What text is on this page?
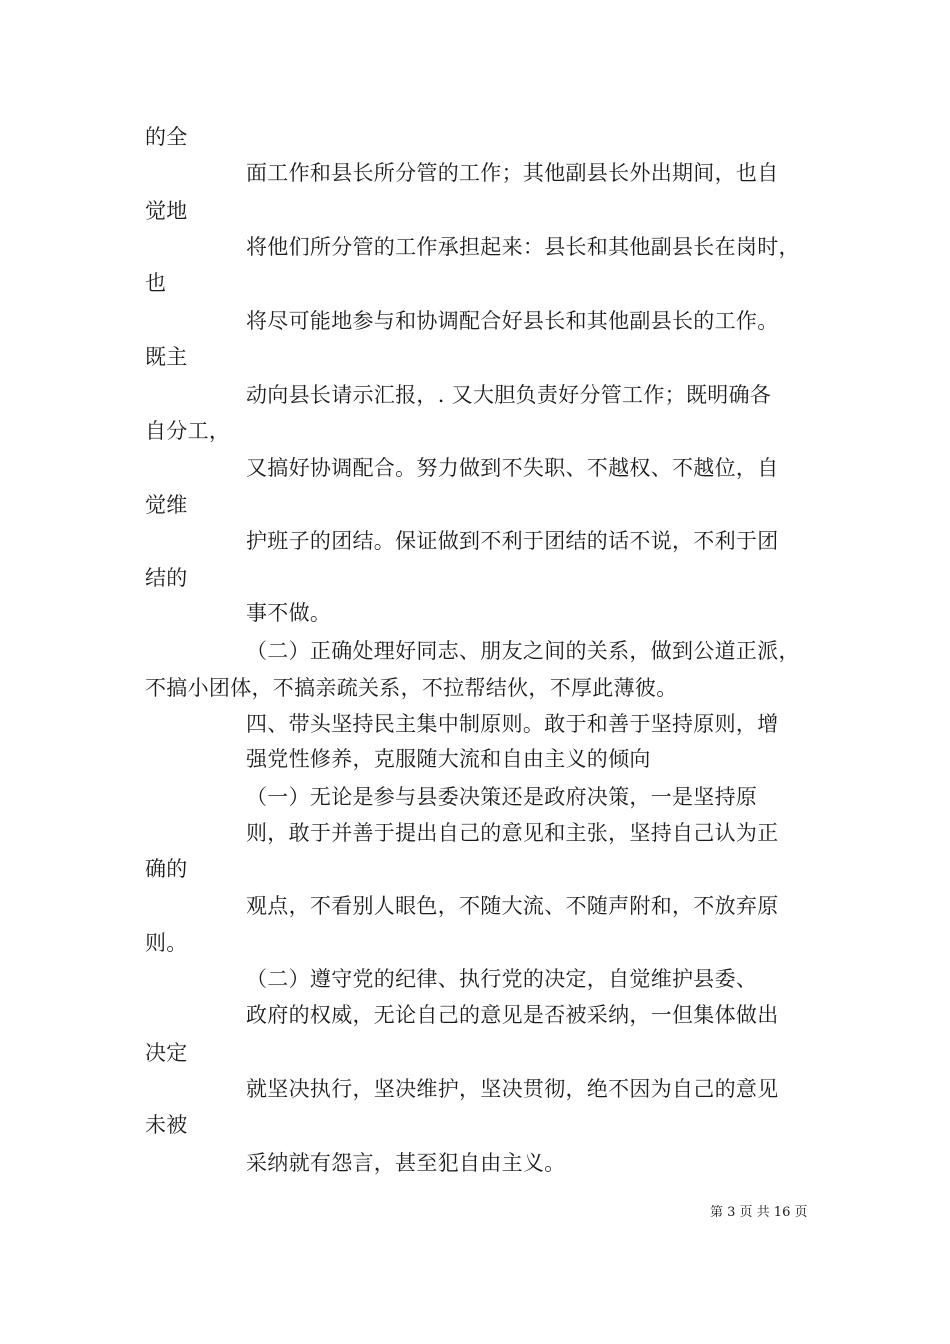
的全
面工作和县长所分管的工作；其他副县长外出期间，也自
觉地
将他们所分管的工作承担起来：县长和其他副县长在岗时，
也
将尽可能地参与和协调配合好县长和其他副县长的工作。
既主
动向县长请示汇报，. 又大胆负责好分管工作；既明确各
自分工，
又搞好协调配合。努力做到不失职、不越权、不越位，自
觉维
护班子的团结。保证做到不利于团结的话不说，不利于团
结的
事不做。
（二）正确处理好同志、朋友之间的关系，做到公道正派，
不搞小团体，不搞亲疏关系，不拉帮结伙，不厚此薄彼。
四、带头坚持民主集中制原则。敢于和善于坚持原则，增
强党性修养，克服随大流和自由主义的倾向
（一）无论是参与县委决策还是政府决策，一是坚持原
则，敢于并善于提出自己的意见和主张，坚持自己认为正
确的
观点，不看别人眼色，不随大流、不随声附和，不放弃原
则。
（二）遵守党的纪律、执行党的决定，自觉维护县委、
政府的权威，无论自己的意见是否被采纳，一但集体做出
决定
就坚决执行，坚决维护，坚决贯彻，绝不因为自己的意见
未被
采纳就有怨言，甚至犯自由主义。
第 3 页 共 16 页
